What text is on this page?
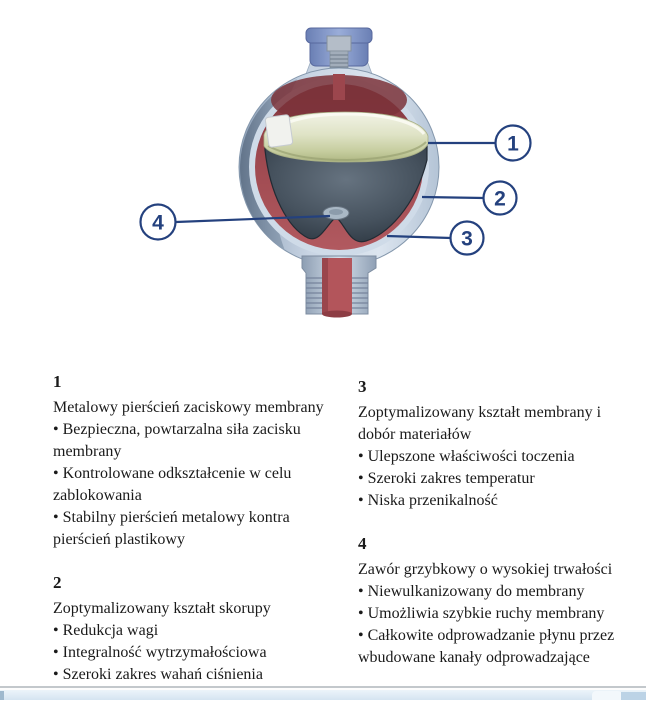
1
2
3
4

1

Metalowy pierścień zaciskowy membrany

• Bezpieczna, powtarzalna siła zacisku membrany

• Kontrolowane odkształcenie w celu zablokowania

• Stabilny pierścień metalowy kontra pierścień plastikowy

2

Zoptymalizowany kształt skorupy

• Redukcja wagi

• Integralność wytrzymałościowa

• Szeroki zakres wahań ciśnienia

3

Zoptymalizowany kształt membrany i dobór materiałów

• Ulepszone właściwości toczenia

• Szeroki zakres temperatur

• Niska przenikalność

4

Zawór grzybkowy o wysokiej trwałości

• Niewulkanizowany do membrany

• Umożliwia szybkie ruchy membrany

• Całkowite odprowadzanie płynu przez wbudowane kanały odprowadzające
